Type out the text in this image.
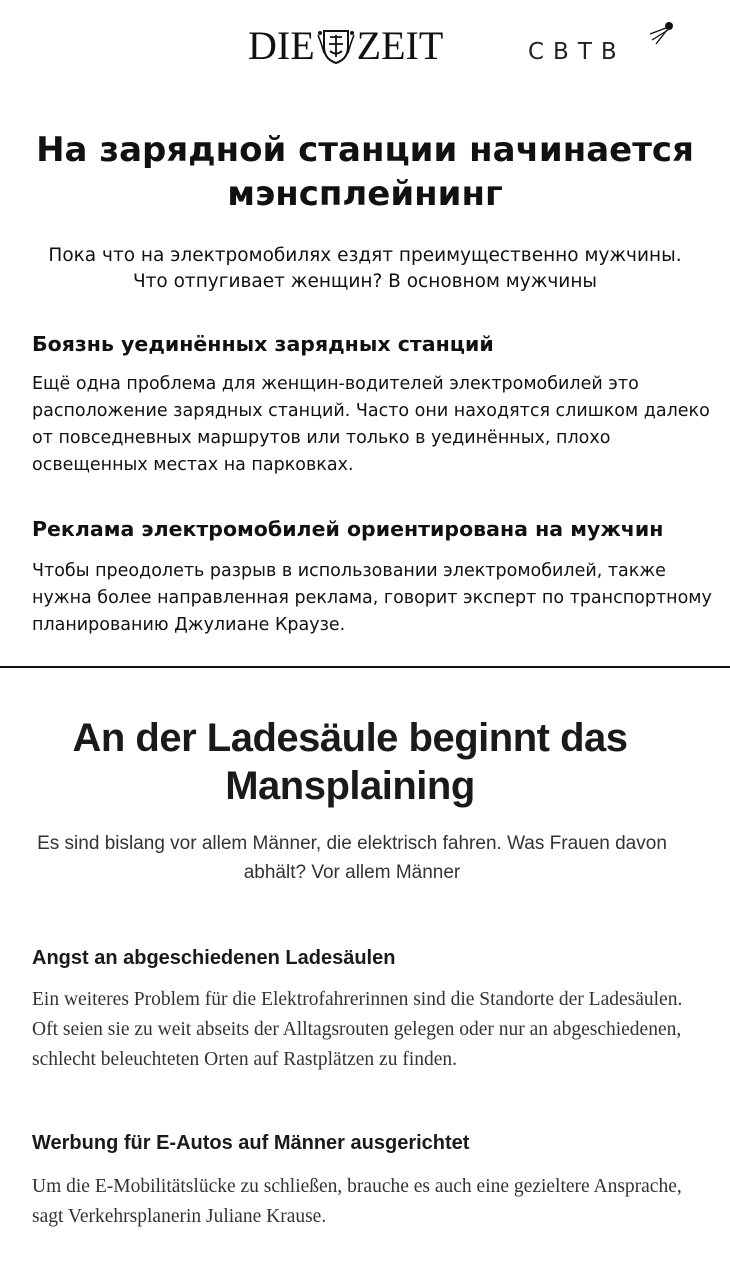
DIE ZEIT	CBTB
На зарядной станции начинается мэнсплейнинг

Пока что на электромобилях ездят преимущественно мужчины. Что отпугивает женщин? В основном мужчины

Боязнь уединённых зарядных станций

Ещё одна проблема для женщин-водителей электромобилей это расположение зарядных станций. Часто они находятся слишком далеко от повседневных маршрутов или только в уединённых, плохо освещенных местах на парковках.

Реклама электромобилей ориентирована на мужчин

Чтобы преодолеть разрыв в использовании электромобилей, также нужна более направленная реклама, говорит эксперт по транспортному планированию Джулиане Краузе.

An der Ladesäule beginnt das Mansplaining

Es sind bislang vor allem Männer, die elektrisch fahren. Was Frauen davon abhält? Vor allem Männer

Angst an abgeschiedenen Ladesäulen

Ein weiteres Problem für die Elektrofahrerinnen sind die Standorte der Ladesäulen. Oft seien sie zu weit abseits der Alltagsrouten gelegen oder nur an abgeschiedenen, schlecht beleuchteten Orten auf Rastplätzen zu finden.

Werbung für E-Autos auf Männer ausgerichtet

Um die E-Mobilitätslücke zu schließen, brauche es auch eine gezieltere Ansprache, sagt Verkehrsplanerin Juliane Krause.
